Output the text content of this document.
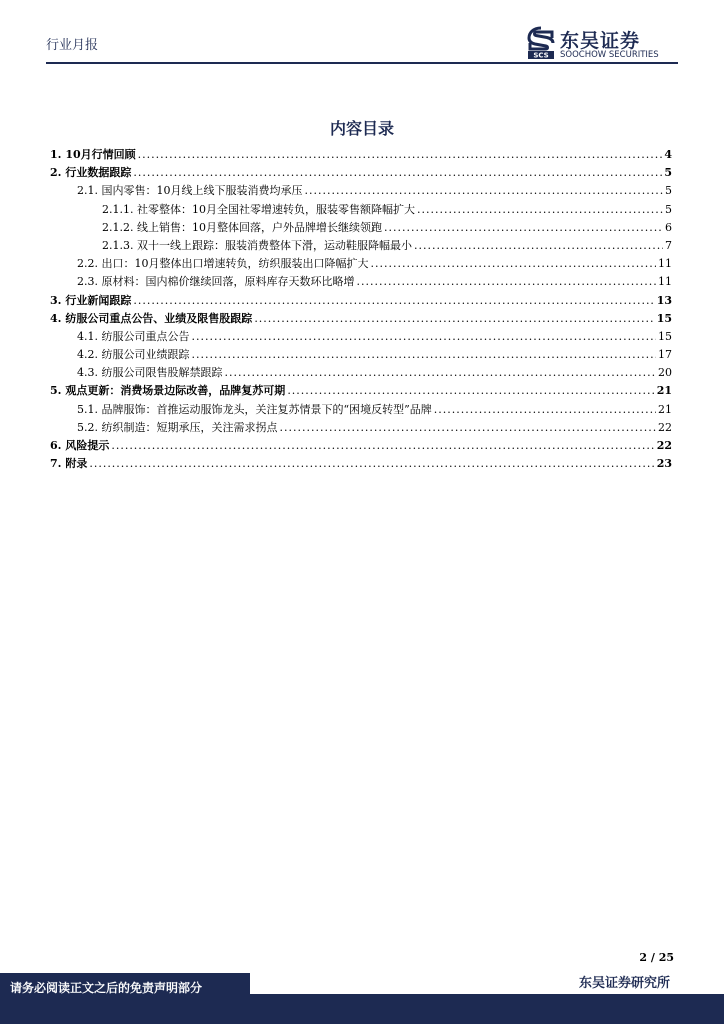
行业月报
SCS
东吴证券
SOOCHOW SECURITIES
内容目录
1. 10月行情回顾 .....	4
2. 行业数据跟踪 .....	5
2.1. 国内零售：10月线上线下服装消费均承压 .....	5
2.1.1. 社零整体：10月全国社零增速转负，服装零售额降幅扩大 .....	5
2.1.2. 线上销售：10月整体回落，户外品牌增长继续领跑 .....	6
2.1.3. 双十一线上跟踪：服装消费整体下滑，运动鞋服降幅最小 .....	7
2.2. 出口：10月整体出口增速转负，纺织服装出口降幅扩大 .....	11
2.3. 原材料：国内棉价继续回落，原料库存天数环比略增 .....	11
3. 行业新闻跟踪 .....	13
4. 纺服公司重点公告、业绩及限售股跟踪 .....	15
4.1. 纺服公司重点公告 .....	15
4.2. 纺服公司业绩跟踪 .....	17
4.3. 纺服公司限售股解禁跟踪 .....	20
5. 观点更新：消费场景边际改善，品牌复苏可期 .....	21
5.1. 品牌服饰：首推运动服饰龙头，关注复苏情景下的“困境反转型”品牌 .....	21
5.2. 纺织制造：短期承压，关注需求拐点 .....	22
6. 风险提示 .....	22
7. 附录 .....	23
2 / 25
请务必阅读正文之后的免责声明部分	东吴证券研究所
